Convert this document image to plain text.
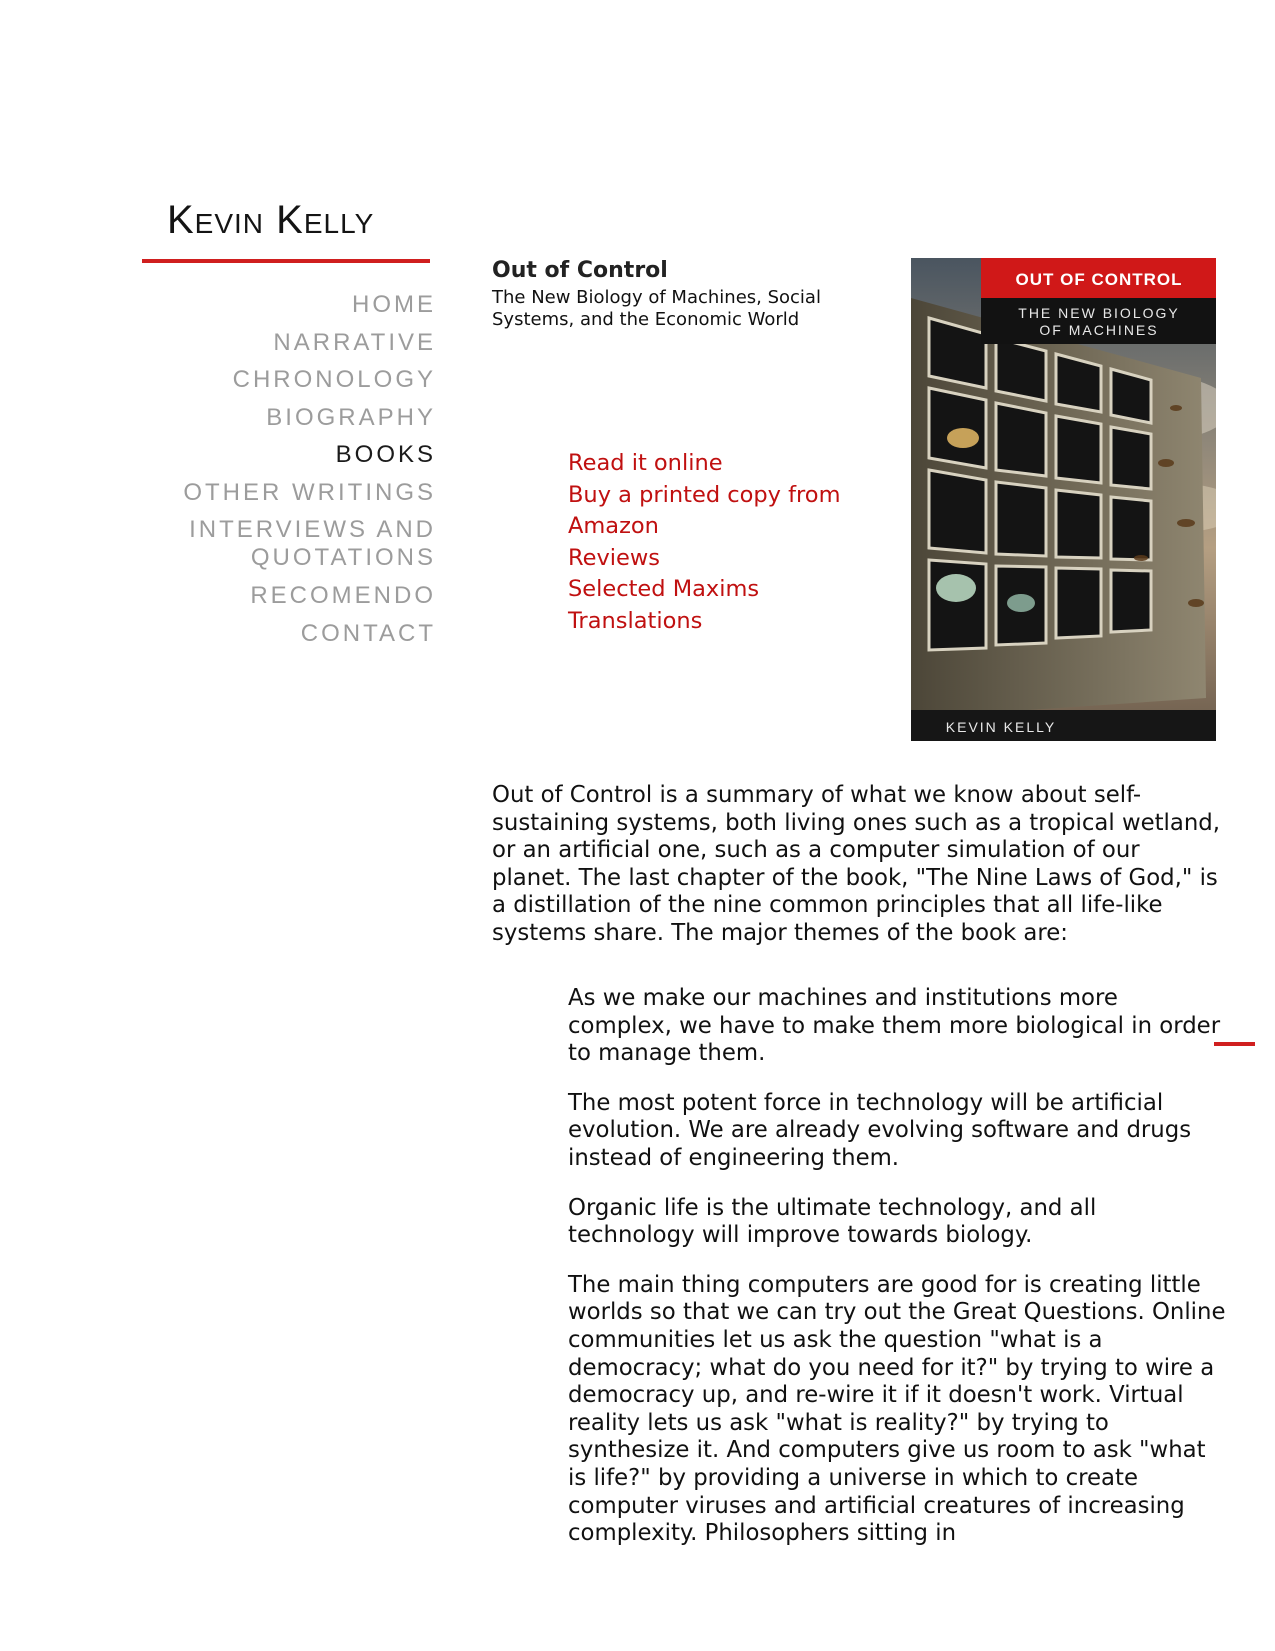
Kevin Kelly
HOME
NARRATIVE
CHRONOLOGY
BIOGRAPHY
BOOKS
OTHER WRITINGS
INTERVIEWS AND
QUOTATIONS
RECOMENDO
CONTACT
Out of Control
The New Biology of Machines, Social Systems, and the Economic World
Read it online
Buy a printed copy from
Amazon
Reviews
Selected Maxims
Translations
OUT OF CONTROL
THE NEW BIOLOGY
OF MACHINES
KEVIN KELLY

Out of Control is a summary of what we know about self-sustaining systems, both living ones such as a tropical wetland, or an artificial one, such as a computer simulation of our planet. The last chapter of the book, "The Nine Laws of God," is a distillation of the nine common principles that all life-like systems share. The major themes of the book are:

As we make our machines and institutions more complex, we have to make them more biological in order to manage them.

The most potent force in technology will be artificial evolution. We are already evolving software and drugs instead of engineering them.

Organic life is the ultimate technology, and all technology will improve towards biology.

The main thing computers are good for is creating little worlds so that we can try out the Great Questions. Online communities let us ask the question "what is a democracy; what do you need for it?" by trying to wire a democracy up, and re-wire it if it doesn't work. Virtual reality lets us ask "what is reality?" by trying to synthesize it. And computers give us room to ask "what is life?" by providing a universe in which to create computer viruses and artificial creatures of increasing complexity. Philosophers sitting in
